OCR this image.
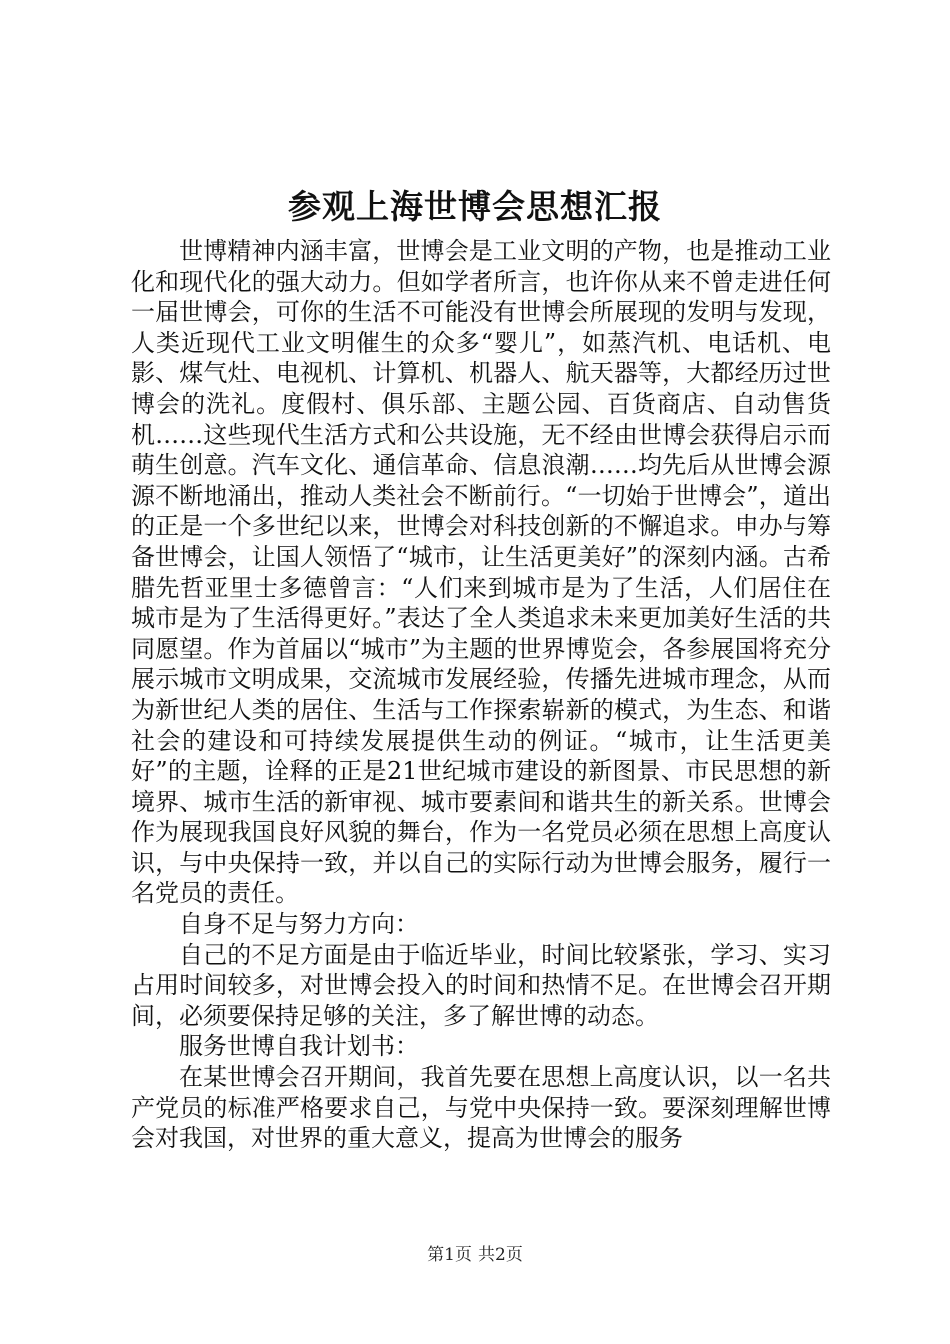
参观上海世博会思想汇报

世博精神内涵丰富，世博会是工业文明的产物，也是推动工业化和现代化的强大动力。但如学者所言，也许你从来不曾走进任何一届世博会，可你的生活不可能没有世博会所展现的发明与发现，人类近现代工业文明催生的众多“婴儿”，如蒸汽机、电话机、电影、煤气灶、电视机、计算机、机器人、航天器等，大都经历过世博会的洗礼。度假村、俱乐部、主题公园、百货商店、自动售货机……这些现代生活方式和公共设施，无不经由世博会获得启示而萌生创意。汽车文化、通信革命、信息浪潮……均先后从世博会源源不断地涌出，推动人类社会不断前行。“一切始于世博会”，道出的正是一个多世纪以来，世博会对科技创新的不懈追求。申办与筹备世博会，让国人领悟了“城市，让生活更美好”的深刻内涵。古希腊先哲亚里士多德曾言：“人们来到城市是为了生活，人们居住在城市是为了生活得更好。”表达了全人类追求未来更加美好生活的共同愿望。作为首届以“城市”为主题的世界博览会，各参展国将充分展示城市文明成果，交流城市发展经验，传播先进城市理念，从而为新世纪人类的居住、生活与工作探索崭新的模式，为生态、和谐社会的建设和可持续发展提供生动的例证。“城市，让生活更美好”的主题，诠释的正是21世纪城市建设的新图景、市民思想的新境界、城市生活的新审视、城市要素间和谐共生的新关系。世博会作为展现我国良好风貌的舞台，作为一名党员必须在思想上高度认识，与中央保持一致，并以自己的实际行动为世博会服务，履行一名党员的责任。

自身不足与努力方向：

自己的不足方面是由于临近毕业，时间比较紧张，学习、实习占用时间较多，对世博会投入的时间和热情不足。在世博会召开期间，必须要保持足够的关注，多了解世博的动态。

服务世博自我计划书：

在某世博会召开期间，我首先要在思想上高度认识，以一名共产党员的标准严格要求自己，与党中央保持一致。要深刻理解世博会对我国，对世界的重大意义，提高为世博会的服务

第1页 共2页
